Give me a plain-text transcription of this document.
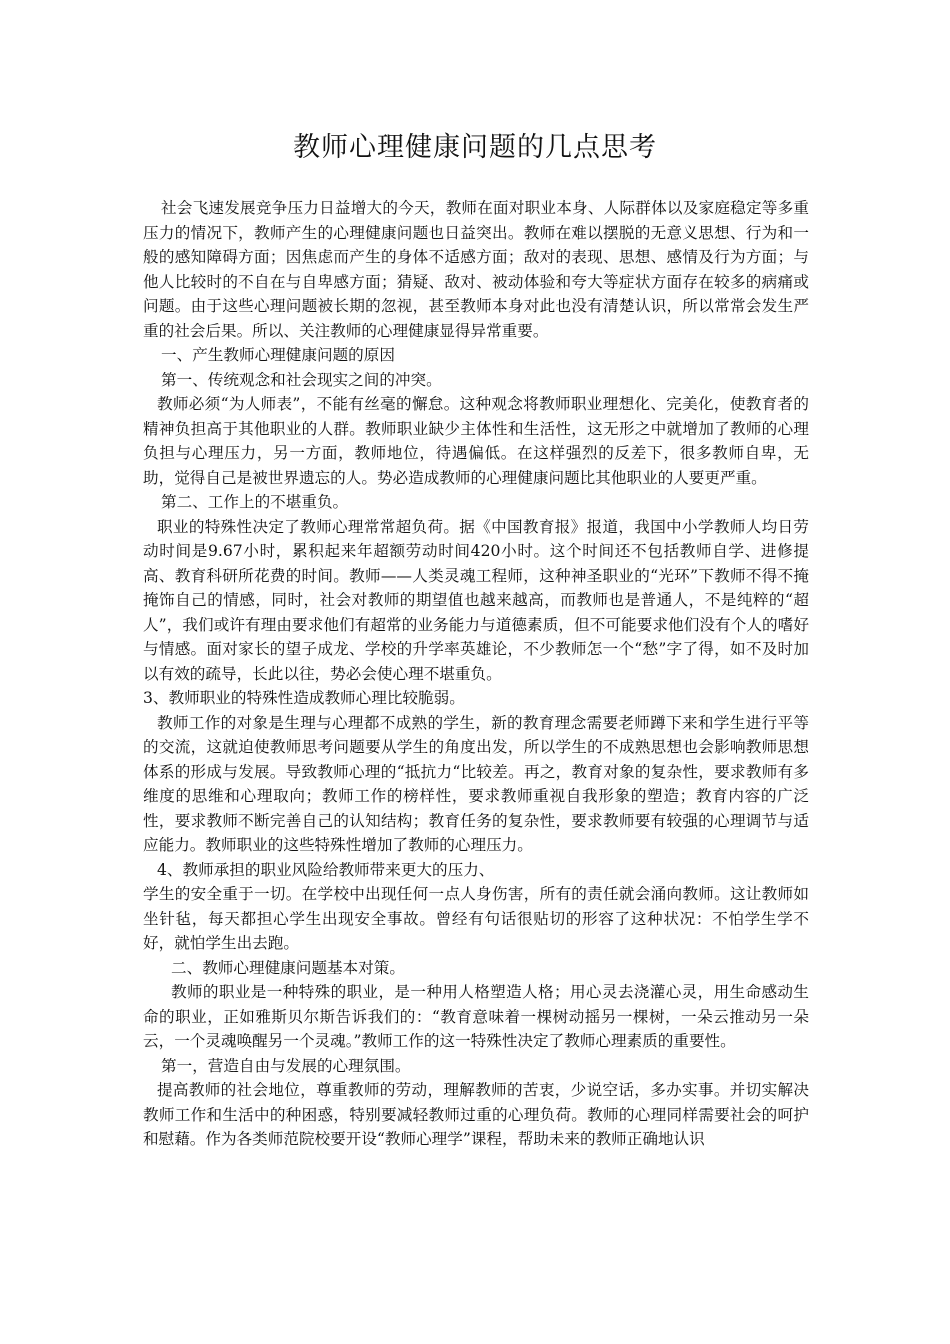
教师心理健康问题的几点思考

社会飞速发展竞争压力日益增大的今天，教师在面对职业本身、人际群体以及家庭稳定等多重压力的情况下，教师产生的心理健康问题也日益突出。教师在难以摆脱的无意义思想、行为和一般的感知障碍方面；因焦虑而产生的身体不适感方面；敌对的表现、思想、感情及行为方面；与他人比较时的不自在与自卑感方面；猜疑、敌对、被动体验和夸大等症状方面存在较多的病痛或问题。由于这些心理问题被长期的忽视，甚至教师本身对此也没有清楚认识，所以常常会发生严重的社会后果。所以、关注教师的心理健康显得异常重要。

一、产生教师心理健康问题的原因

第一、传统观念和社会现实之间的冲突。

教师必须“为人师表”，不能有丝毫的懈怠。这种观念将教师职业理想化、完美化，使教育者的精神负担高于其他职业的人群。教师职业缺少主体性和生活性，这无形之中就增加了教师的心理负担与心理压力，另一方面，教师地位，待遇偏低。在这样强烈的反差下，很多教师自卑，无助，觉得自己是被世界遗忘的人。势必造成教师的心理健康问题比其他职业的人要更严重。

第二、工作上的不堪重负。

职业的特殊性决定了教师心理常常超负荷。据《中国教育报》报道，我国中小学教师人均日劳动时间是9.67小时，累积起来年超额劳动时间420小时。这个时间还不包括教师自学、进修提高、教育科研所花费的时间。教师——人类灵魂工程师，这种神圣职业的“光环”下教师不得不掩掩饰自己的情感，同时，社会对教师的期望值也越来越高，而教师也是普通人，不是纯粹的“超人”，我们或许有理由要求他们有超常的业务能力与道德素质，但不可能要求他们没有个人的嗜好与情感。面对家长的望子成龙、学校的升学率英雄论，不少教师怎一个“愁”字了得，如不及时加以有效的疏导，长此以往，势必会使心理不堪重负。

3、教师职业的特殊性造成教师心理比较脆弱。

教师工作的对象是生理与心理都不成熟的学生，新的教育理念需要老师蹲下来和学生进行平等的交流，这就迫使教师思考问题要从学生的角度出发，所以学生的不成熟思想也会影响教师思想体系的形成与发展。导致教师心理的“抵抗力“比较差。再之，教育对象的复杂性，要求教师有多维度的思维和心理取向；教师工作的榜样性，要求教师重视自我形象的塑造；教育内容的广泛性，要求教师不断完善自己的认知结构；教育任务的复杂性，要求教师要有较强的心理调节与适应能力。教师职业的这些特殊性增加了教师的心理压力。

4、教师承担的职业风险给教师带来更大的压力、

学生的安全重于一切。在学校中出现任何一点人身伤害，所有的责任就会涌向教师。这让教师如坐针毡，每天都担心学生出现安全事故。曾经有句话很贴切的形容了这种状况：不怕学生学不好，就怕学生出去跑。

二、教师心理健康问题基本对策。

教师的职业是一种特殊的职业，是一种用人格塑造人格；用心灵去浇灌心灵，用生命感动生命的职业，正如雅斯贝尔斯告诉我们的：“教育意味着一棵树动摇另一棵树，一朵云推动另一朵云，一个灵魂唤醒另一个灵魂。”教师工作的这一特殊性决定了教师心理素质的重要性。

第一，营造自由与发展的心理氛围。

提高教师的社会地位，尊重教师的劳动，理解教师的苦衷，少说空话，多办实事。并切实解决教师工作和生活中的种困惑，特别要减轻教师过重的心理负荷。教师的心理同样需要社会的呵护和慰藉。作为各类师范院校要开设“教师心理学”课程，帮助未来的教师正确地认识
